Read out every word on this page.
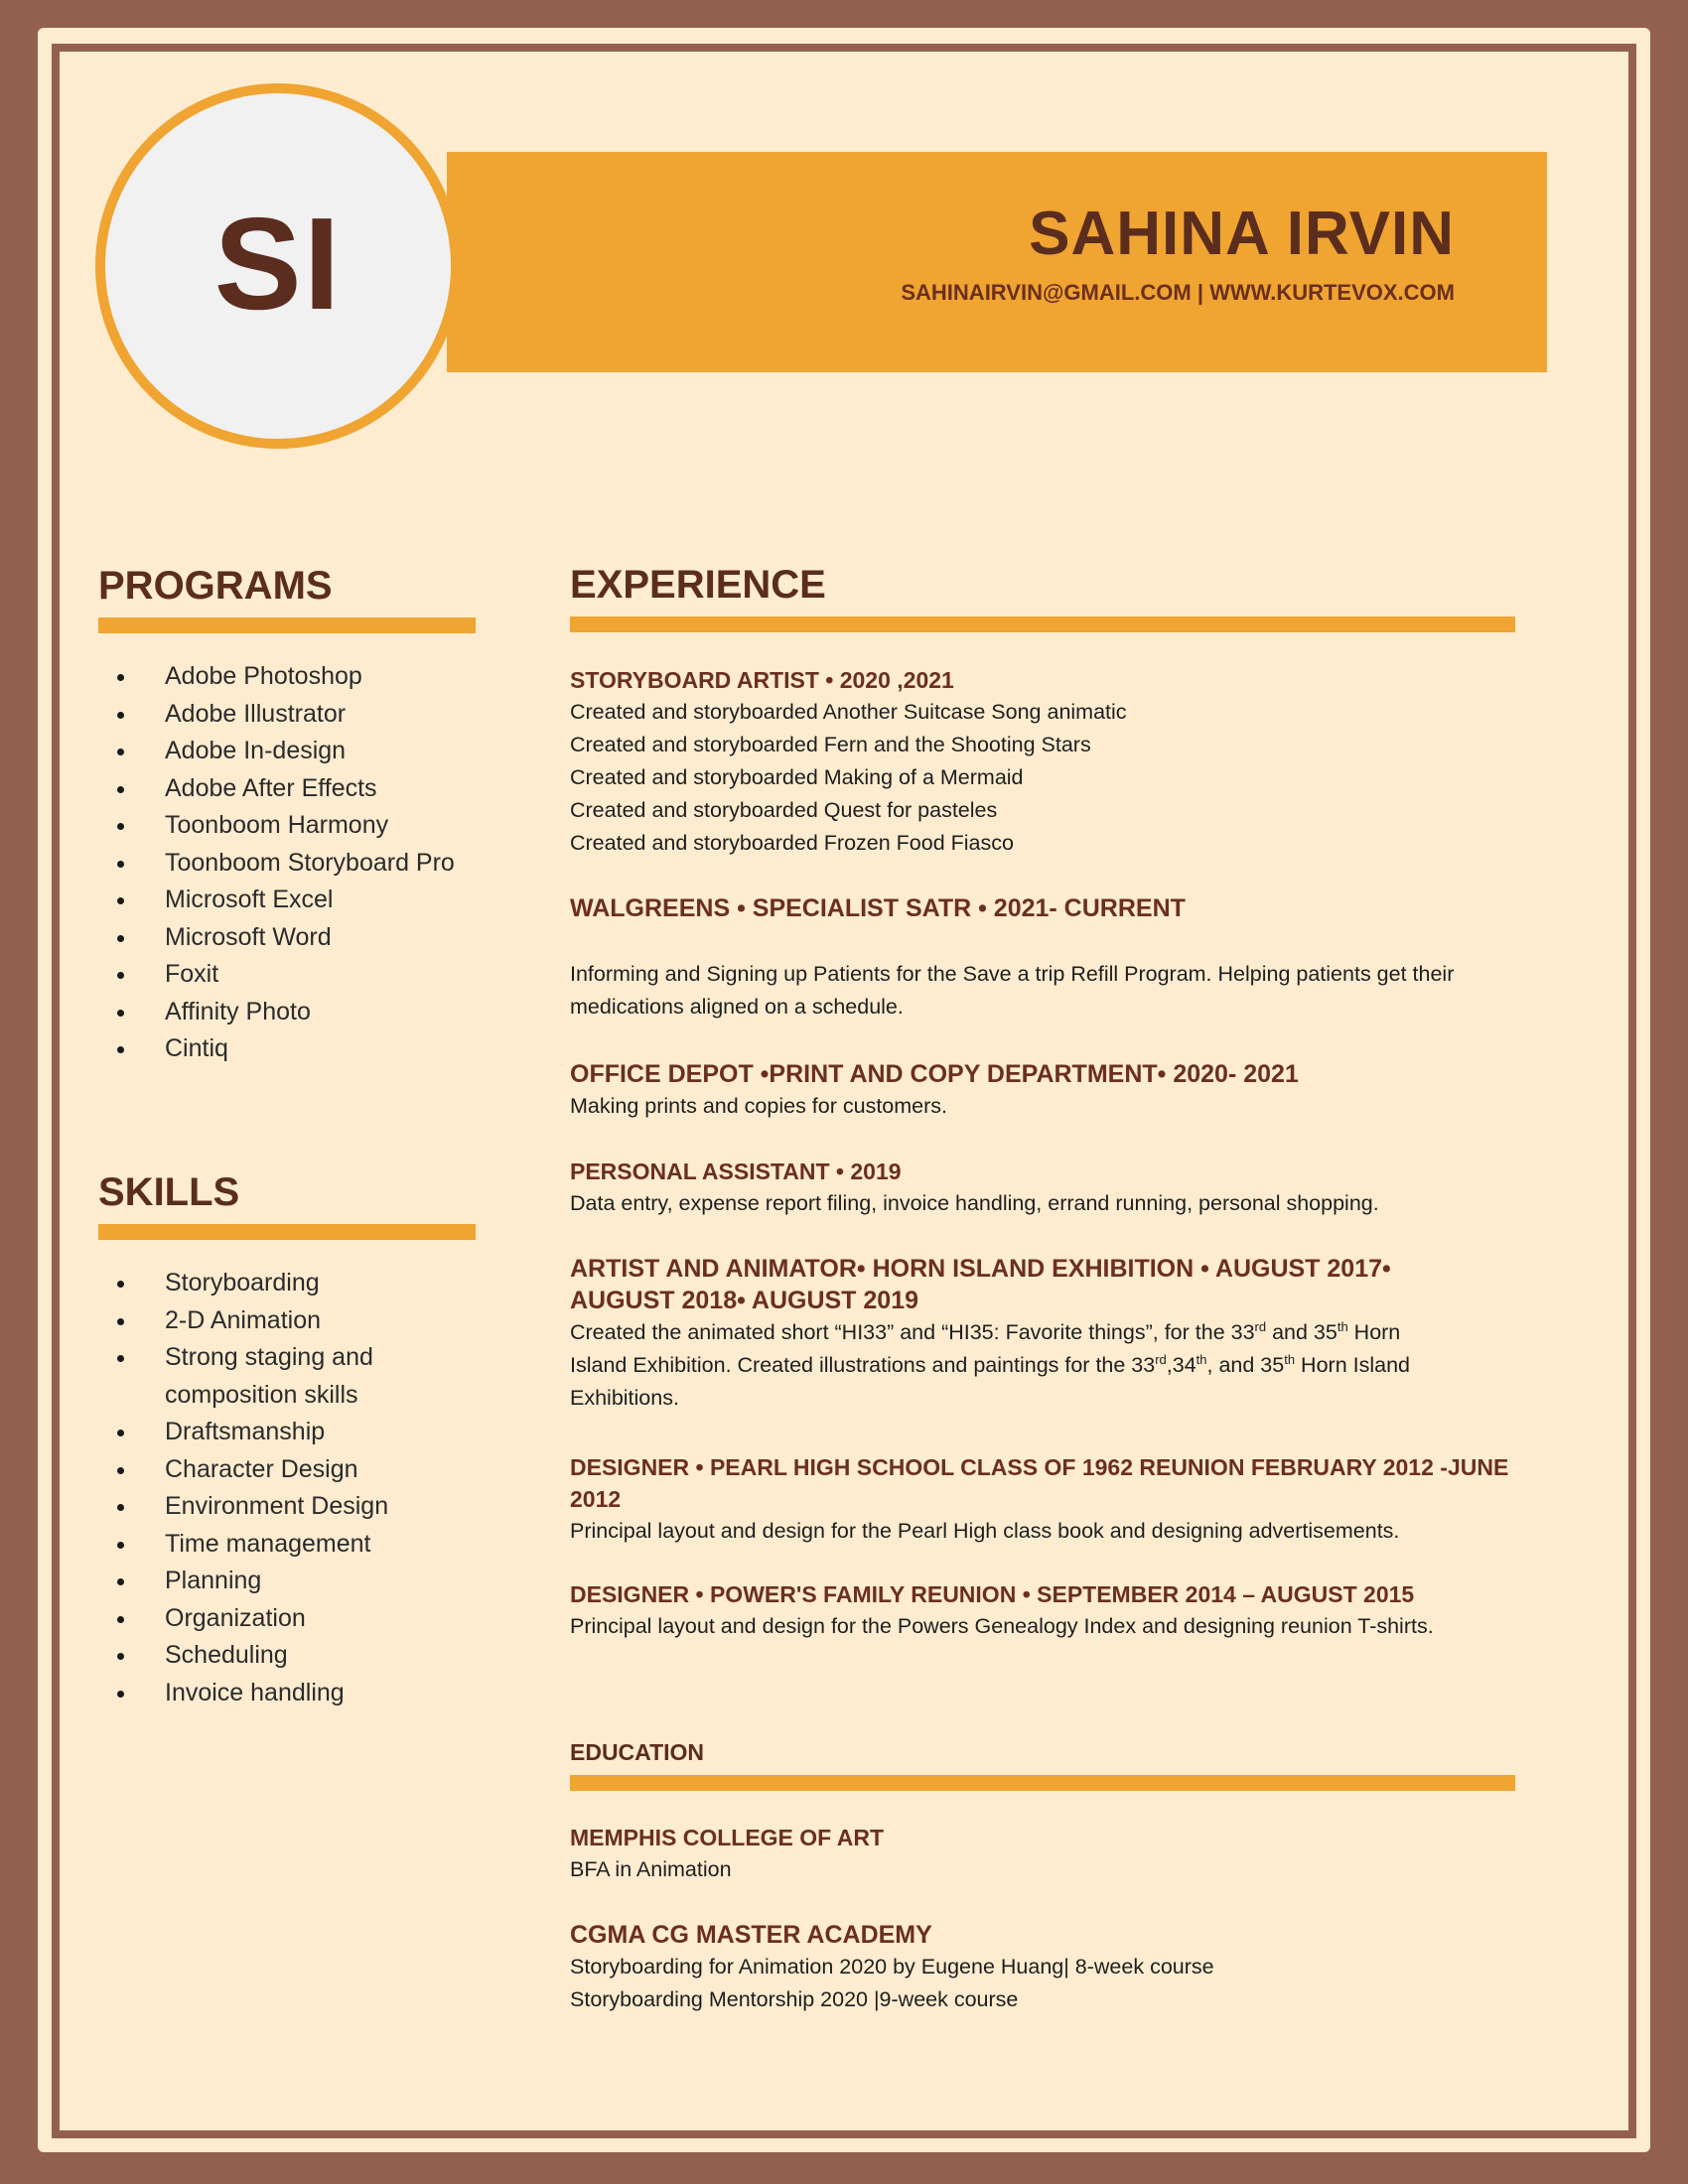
SI	SAHINA IRVIN
SAHINAIRVIN@GMAIL.COM | WWW.KURTEVOX.COM
PROGRAMS
Adobe Photoshop
Adobe Illustrator
Adobe In-design
Adobe After Effects
Toonboom Harmony
Toonboom Storyboard Pro
Microsoft Excel
Microsoft Word
Foxit
Affinity Photo
Cintiq
SKILLS
Storyboarding
2-D Animation
Strong staging and
composition skills
Draftsmanship
Character Design
Environment Design
Time management
Planning
Organization
Scheduling
Invoice handling
EXPERIENCE
STORYBOARD ARTIST • 2020 ,2021
Created and storyboarded Another Suitcase Song animatic
Created and storyboarded Fern and the Shooting Stars
Created and storyboarded Making of a Mermaid
Created and storyboarded Quest for pasteles
Created and storyboarded Frozen Food Fiasco
WALGREENS • SPECIALIST SATR • 2021- CURRENT
Informing and Signing up Patients for the Save a trip Refill Program. Helping patients get their
medications aligned on a schedule.
OFFICE DEPOT •PRINT AND COPY DEPARTMENT• 2020- 2021
Making prints and copies for customers.
PERSONAL ASSISTANT • 2019
Data entry, expense report filing, invoice handling, errand running, personal shopping.
ARTIST AND ANIMATOR• HORN ISLAND EXHIBITION • AUGUST 2017•
AUGUST 2018• AUGUST 2019
Created the animated short “HI33” and “HI35: Favorite things”, for the 33rd and 35th Horn
Island Exhibition. Created illustrations and paintings for the 33rd,34th, and 35th Horn Island
Exhibitions.
DESIGNER • PEARL HIGH SCHOOL CLASS OF 1962 REUNION FEBRUARY 2012 -JUNE
2012
Principal layout and design for the Pearl High class book and designing advertisements.
DESIGNER • POWER'S FAMILY REUNION • SEPTEMBER 2014 – AUGUST 2015
Principal layout and design for the Powers Genealogy Index and designing reunion T-shirts.
EDUCATION
MEMPHIS COLLEGE OF ART
BFA in Animation
CGMA CG MASTER ACADEMY
Storyboarding for Animation 2020 by Eugene Huang| 8-week course
Storyboarding Mentorship 2020 |9-week course
